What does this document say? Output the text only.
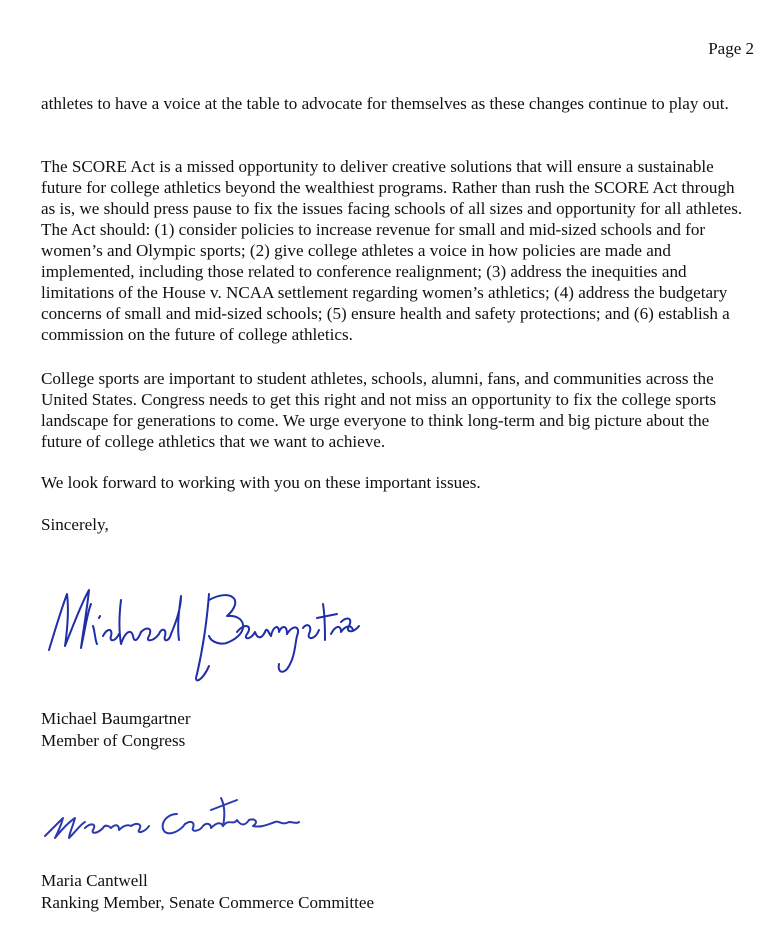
Page 2

athletes to have a voice at the table to advocate for themselves as these changes continue to play out.

The SCORE Act is a missed opportunity to deliver creative solutions that will ensure a sustainable future for college athletics beyond the wealthiest programs. Rather than rush the SCORE Act through as is, we should press pause to fix the issues facing schools of all sizes and opportunity for all athletes. The Act should: (1) consider policies to increase revenue for small and mid-sized schools and for women’s and Olympic sports; (2) give college athletes a voice in how policies are made and implemented, including those related to conference realignment; (3) address the inequities and limitations of the House v. NCAA settlement regarding women’s athletics; (4) address the budgetary concerns of small and mid-sized schools; (5) ensure health and safety protections; and (6) establish a commission on the future of college athletics.

College sports are important to student athletes, schools, alumni, fans, and communities across the United States. Congress needs to get this right and not miss an opportunity to fix the college sports landscape for generations to come. We urge everyone to think long-term and big picture about the future of college athletics that we want to achieve.

We look forward to working with you on these important issues.

Sincerely,

Michael Baumgartner
Member of Congress
Maria Cantwell
Ranking Member, Senate Commerce Committee
